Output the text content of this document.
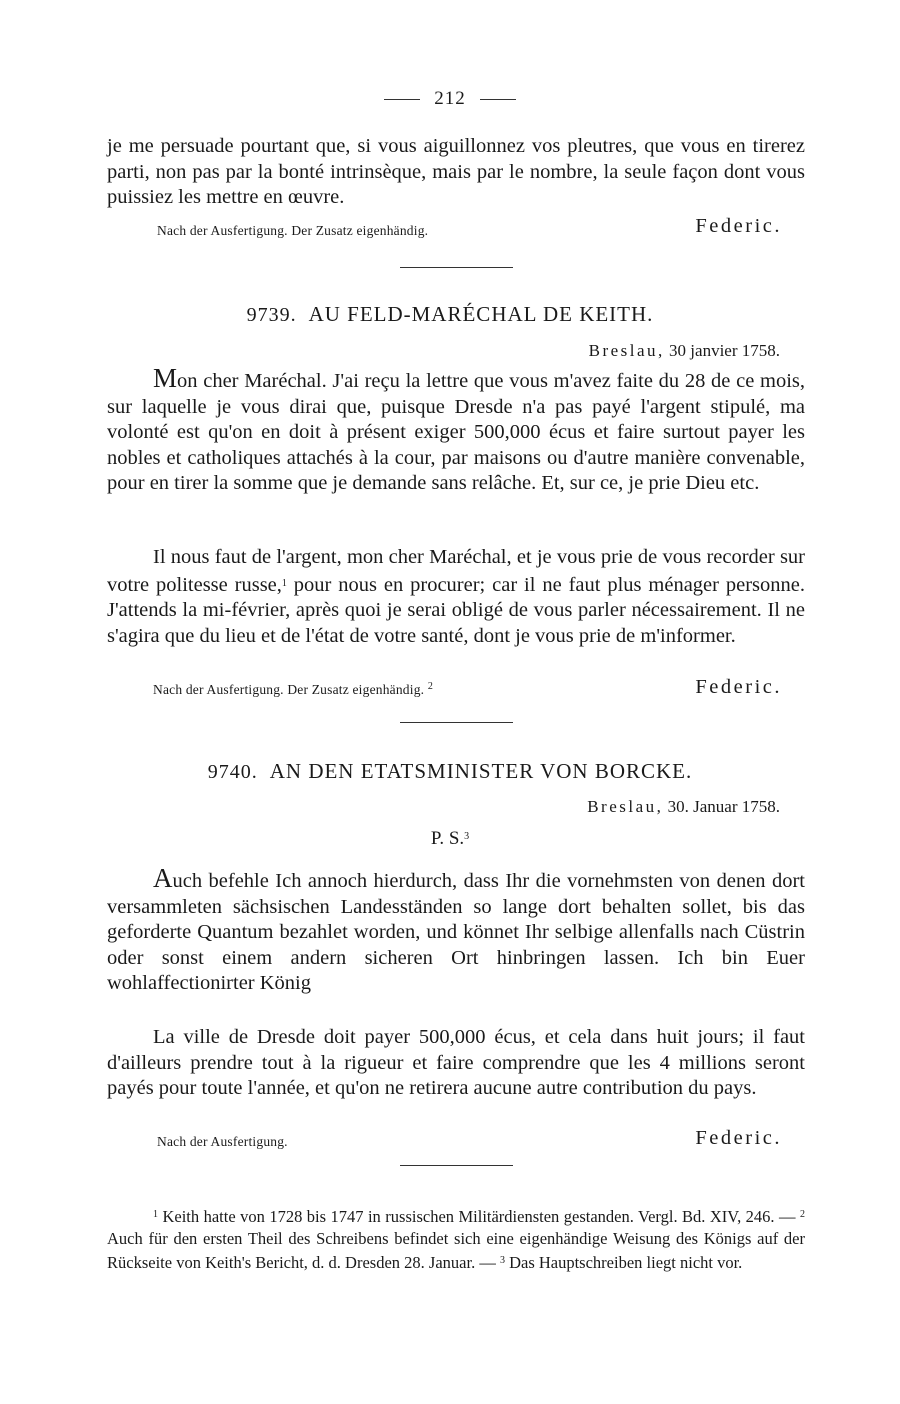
212
je me persuade pourtant que, si vous aiguillonnez vos pleutres, que vous en tirerez parti, non pas par la bonté intrinsèque, mais par le nombre, la seule façon dont vous puissiez les mettre en œuvre.
Nach der Ausfertigung. Der Zusatz eigenhändig.	Federic.
9739. AU FELD-MARÉCHAL DE KEITH.
Breslau, 30 janvier 1758.
Mon cher Maréchal. J'ai reçu la lettre que vous m'avez faite du 28 de ce mois, sur laquelle je vous dirai que, puisque Dresde n'a pas payé l'argent stipulé, ma volonté est qu'on en doit à présent exiger 500,000 écus et faire surtout payer les nobles et catholiques attachés à la cour, par maisons ou d'autre manière convenable, pour en tirer la somme que je demande sans relâche. Et, sur ce, je prie Dieu etc.
Il nous faut de l'argent, mon cher Maréchal, et je vous prie de vous recorder sur votre politesse russe,$^1$ pour nous en procurer; car il ne faut plus ménager personne. J'attends la mi-février, après quoi je serai obligé de vous parler nécessairement. Il ne s'agira que du lieu et de l'état de votre santé, dont je vous prie de m'informer.
Nach der Ausfertigung. Der Zusatz eigenhändig. $^2$	Federic.
9740. AN DEN ETATSMINISTER VON BORCKE.
Breslau, 30. Januar 1758.
P. S.$^3$
Auch befehle Ich annoch hierdurch, dass Ihr die vornehmsten von denen dort versammleten sächsischen Landesständen so lange dort behalten sollet, bis das geforderte Quantum bezahlet worden, und könnet Ihr selbige allenfalls nach Cüstrin oder sonst einem andern sicheren Ort hinbringen lassen. Ich bin Euer wohlaffectionirter König
La ville de Dresde doit payer 500,000 écus, et cela dans huit jours; il faut d'ailleurs prendre tout à la rigueur et faire comprendre que les 4 millions seront payés pour toute l'année, et qu'on ne retirera aucune autre contribution du pays.
Nach der Ausfertigung.	Federic.
$^1$ Keith hatte von 1728 bis 1747 in russischen Militärdiensten gestanden. Vergl. Bd. XIV, 246. — $^2$ Auch für den ersten Theil des Schreibens befindet sich eine eigenhändige Weisung des Königs auf der Rückseite von Keith's Bericht, d. d. Dresden 28. Januar. — $^3$ Das Hauptschreiben liegt nicht vor.
